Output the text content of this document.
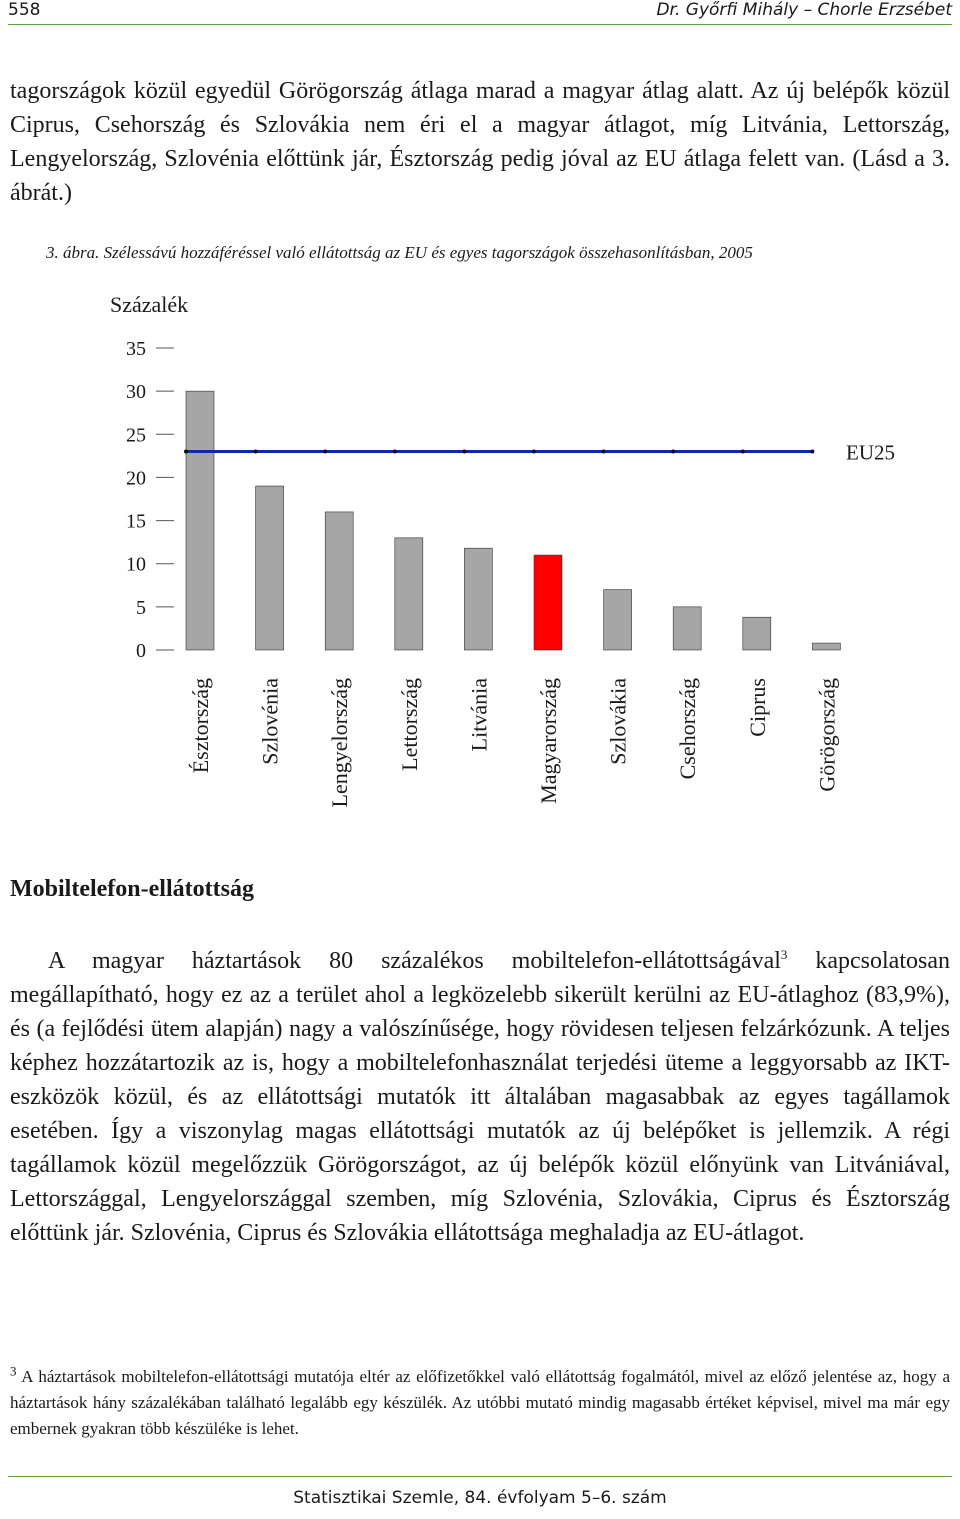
558	Dr. Győrfi Mihály – Chorle Erzsébet

tagországok közül egyedül Görögország átlaga marad a magyar átlag alatt. Az új belépők közül Ciprus, Csehország és Szlovákia nem éri el a magyar átlagot, míg Litvánia, Lettország, Lengyelország, Szlovénia előttünk jár, Észtország pedig jóval az EU átlaga felett van. (Lásd a 3. ábrát.)

3. ábra. Szélessávú hozzáféréssel való ellátottság az EU és egyes tagországok összehasonlításban, 2005
Százalék
0
5
10
15
20
25
30
35
EU25
Észtország Szlovénia Lengyelország Lettország Litvánia Magyarország Szlovákia Csehország Ciprus Görögország
Mobiltelefon-ellátottság

A magyar háztartások 80 százalékos mobiltelefon-ellátottságával$^3$ kapcsolatosan megállapítható, hogy ez az a terület ahol a legközelebb sikerült kerülni az EU-átlaghoz (83,9%), és (a fejlődési ütem alapján) nagy a valószínűsége, hogy rövidesen teljesen felzárkózunk. A teljes képhez hozzátartozik az is, hogy a mobiltelefonhasználat terjedési üteme a leggyorsabb az IKT-eszközök közül, és az ellátottsági mutatók itt általában magasabbak az egyes tagállamok esetében. Így a viszonylag magas ellátottsági mutatók az új belépőket is jellemzik. A régi tagállamok közül megelőzzük Görögországot, az új belépők közül előnyünk van Litvániával, Lettországgal, Lengyelországgal szemben, míg Szlovénia, Szlovákia, Ciprus és Észtország előttünk jár. Szlovénia, Ciprus és Szlovákia ellátottsága meghaladja az EU-átlagot.

$^3$ A háztartások mobiltelefon-ellátottsági mutatója eltér az előfizetőkkel való ellátottság fogalmától, mivel az előző jelentése az, hogy a háztartások hány százalékában található legalább egy készülék. Az utóbbi mutató mindig magasabb értéket képvisel, mivel ma már egy embernek gyakran több készüléke is lehet.

Statisztikai Szemle, 84. évfolyam 5–6. szám
